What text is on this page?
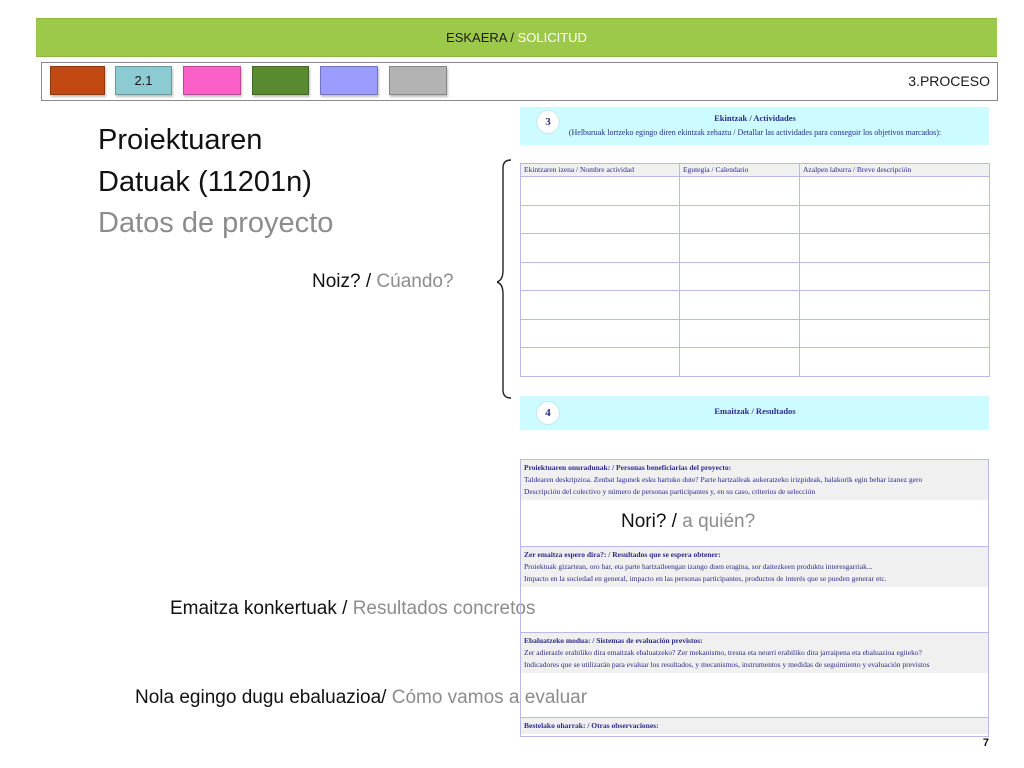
ESKAERA / SOLICITUD
2.1	3.PROCESO
Proiektuaren
Datuak (11201n)
Datos de proyecto
Noiz? / Cúando?
Nori? / a quién?
Emaitza konkertuak / Resultados concretos
Nola egingo dugu ebaluazioa/ Cómo vamos a evaluar
3	Ekintzak / Actividades
(Helburuak lortzeko egingo diren ekintzak zehaztu / Detallar las actividades para conseguir los objetivos marcados):
Ekintzaren izena / Nombre actividad	Egutegia / Calendario	Azalpen laburra / Breve descripción

4	Emaitzak / Resultados
Proiektuaren onuradunak: / Personas beneficiarias del proyecto:
Taldearen deskripzioa. Zenbat lagunek esku hartuko dute? Parte hartzaileak aukeratzeko irizpideak, halakorik egin behar izanez gero
Descripción del colectivo y número de personas participantes y, en su caso, criterios de selección
Zer emaitza espero dira?: / Resultados que se espera obtener:
Proiektuak gizartean, oro har, eta parte hartzaileengan izango duen eragina, sor daitezkeen produktu interesgarriak...
Impacto en la sociedad en general, impacto en las personas participantes, productos de interés que se pueden generar etc.
Ebaluatzeko modua: / Sistemas de evaluación previstos:
Zer adierazle erabiliko dira emaitzak ebaluatzeko? Zer mekanismo, tresna eta neurri erabiliko dira jarraipena eta ebaluazioa egiteko?
Indicadores que se utilizarán para evaluar los resultados, y mecanismos, instrumentos y medidas de seguimiento y evaluación previstos
Bestelako oharrak: / Otras observaciones:
7
